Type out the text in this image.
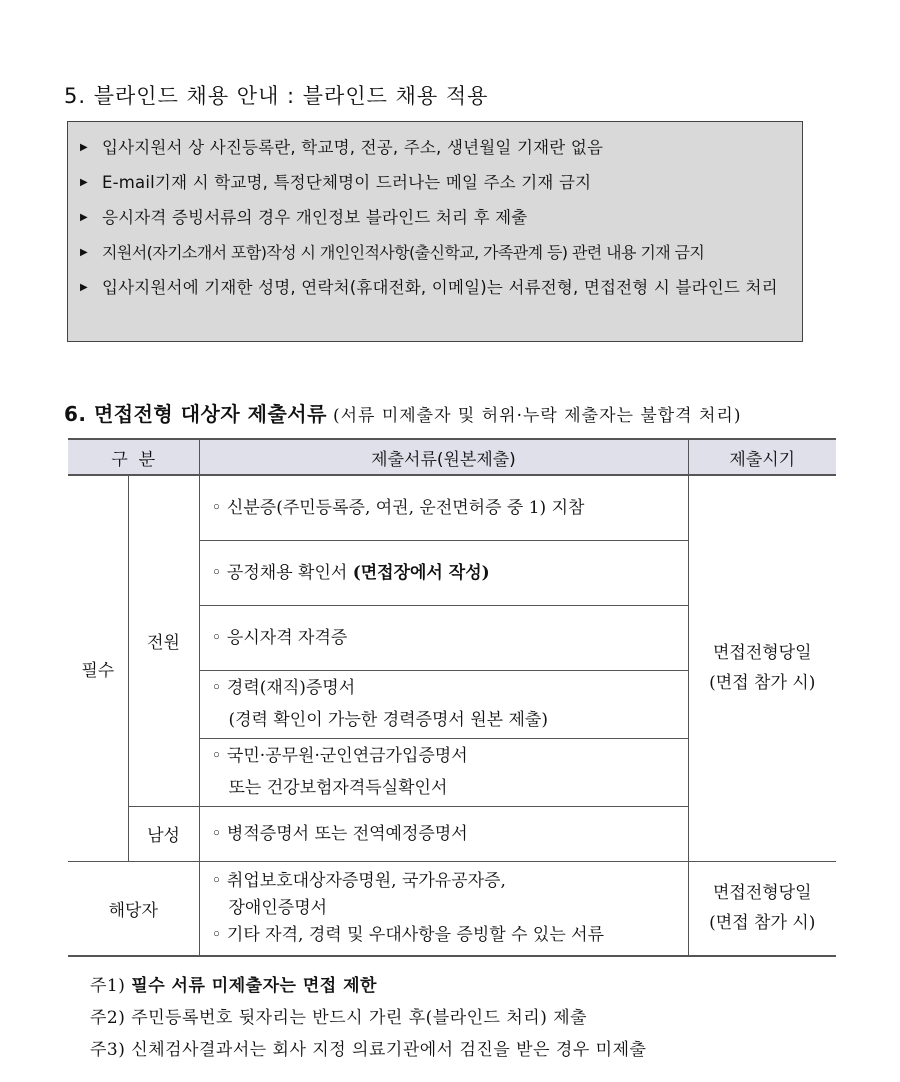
5. 블라인드 채용 안내 : 블라인드 채용 적용
▶ 입사지원서 상 사진등록란, 학교명, 전공, 주소, 생년월일 기재란 없음
▶ E-mail기재 시 학교명, 특정단체명이 드러나는 메일 주소 기재 금지
▶ 응시자격 증빙서류의 경우 개인정보 블라인드 처리 후 제출
▶ 지원서(자기소개서 포함)작성 시 개인인적사항(출신학교, 가족관계 등) 관련 내용 기재 금지
▶ 입사지원서에 기재한 성명, 연락처(휴대전화, 이메일)는 서류전형, 면접전형 시 블라인드 처리
6. 면접전형 대상자 제출서류 (서류 미제출자 및 허위·누락 제출자는 불합격 처리)
구  분		제출서류(원본제출)	제출시기
필수	전원	◦ 신분증(주민등록증, 여권, 운전면허증 중 1) 지참	면접전형당일
(면접 참가 시)

		◦ 공정채용 확인서 (면접장에서 작성)	
		◦ 응시자격 자격증	

		◦ 경력(재직)증명서
(경력 확인이 가능한 경력증명서 원본 제출)	

		◦ 국민·공무원·군인연금가입증명서
또는 건강보험자격득실확인서	

	남성	◦ 병적증명서 또는 전역예정증명서	
해당자		◦ 취업보호대상자증명원, 국가유공자증,
장애인증명서
◦ 기타 자격, 경력 및 우대사항을 증빙할 수 있는 서류	면접전형당일
(면접 참가 시)
주1) 필수 서류 미제출자는 면접 제한
주2) 주민등록번호 뒷자리는 반드시 가린 후(블라인드 처리) 제출
주3) 신체검사결과서는 회사 지정 의료기관에서 검진을 받은 경우 미제출
